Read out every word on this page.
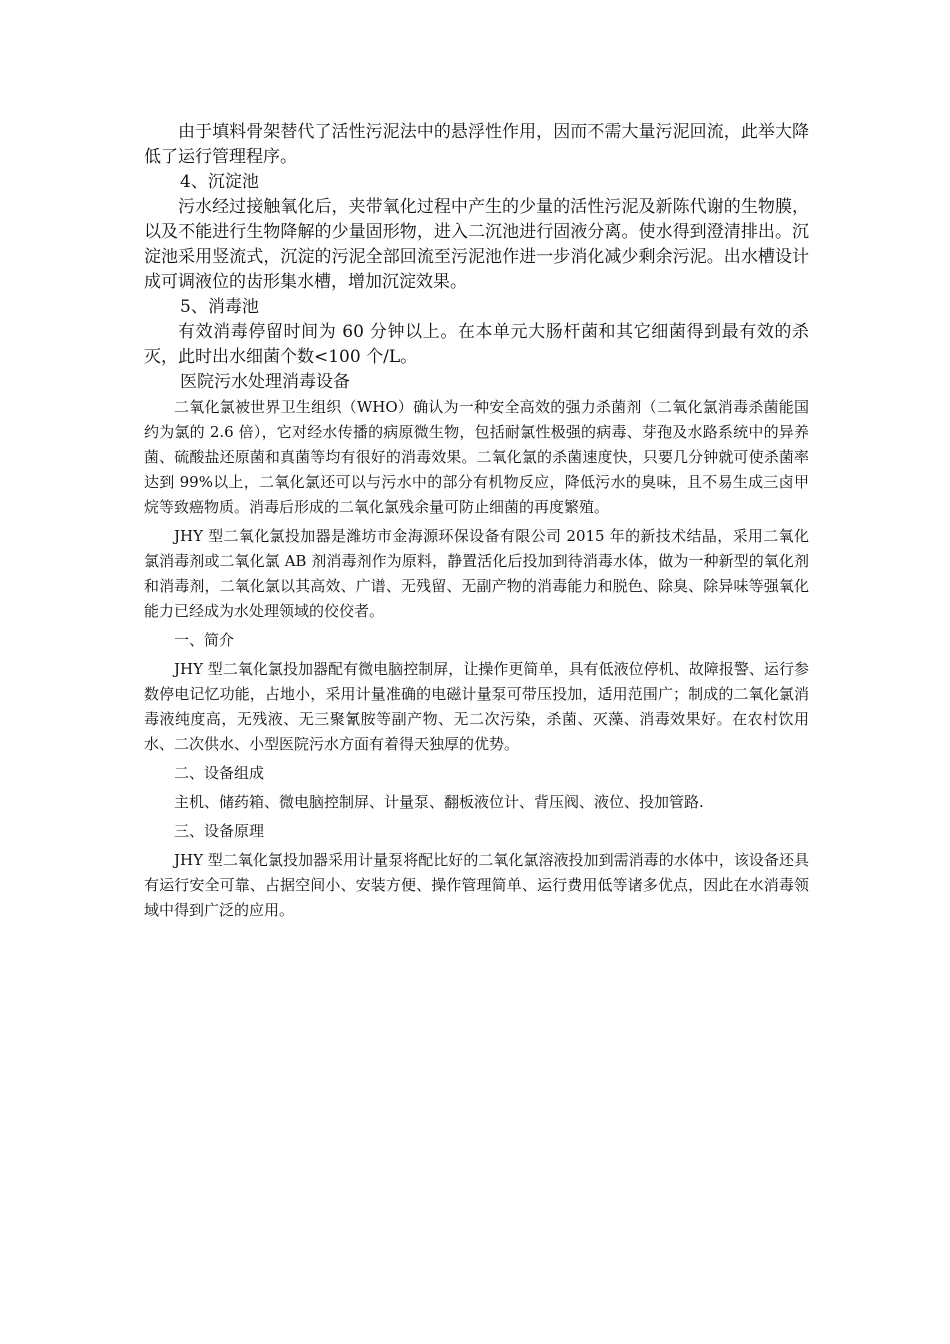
由于填料骨架替代了活性污泥法中的悬浮性作用，因而不需大量污泥回流，此举大降低了运行管理程序。

4、沉淀池

污水经过接触氧化后，夹带氧化过程中产生的少量的活性污泥及新陈代谢的生物膜，以及不能进行生物降解的少量固形物，进入二沉池进行固液分离。使水得到澄清排出。沉淀池采用竖流式，沉淀的污泥全部回流至污泥池作进一步消化减少剩余污泥。出水槽设计成可调液位的齿形集水槽，增加沉淀效果。

5、消毒池

有效消毒停留时间为 60 分钟以上。在本单元大肠杆菌和其它细菌得到最有效的杀灭，此时出水细菌个数<100 个/L。

医院污水处理消毒设备

二氧化氯被世界卫生组织（WHO）确认为一种安全高效的强力杀菌剂（二氧化氯消毒杀菌能国约为氯的 2.6 倍），它对经水传播的病原微生物，包括耐氯性极强的病毒、芽孢及水路系统中的异养菌、硫酸盐还原菌和真菌等均有很好的消毒效果。二氧化氯的杀菌速度快，只要几分钟就可使杀菌率达到 99%以上，二氧化氯还可以与污水中的部分有机物反应，降低污水的臭味，且不易生成三卤甲烷等致癌物质。消毒后形成的二氧化氯残余量可防止细菌的再度繁殖。

JHY 型二氧化氯投加器是潍坊市金海源环保设备有限公司 2015 年的新技术结晶，采用二氧化氯消毒剂或二氧化氯 AB 剂消毒剂作为原料，静置活化后投加到待消毒水体，做为一种新型的氧化剂和消毒剂，二氧化氯以其高效、广谱、无残留、无副产物的消毒能力和脱色、除臭、除异味等强氧化能力已经成为水处理领域的佼佼者。

一、简介

JHY 型二氧化氯投加器配有微电脑控制屏，让操作更简单，具有低液位停机、故障报警、运行参数停电记忆功能，占地小，采用计量准确的电磁计量泵可带压投加，适用范围广；制成的二氧化氯消毒液纯度高，无残液、无三聚氰胺等副产物、无二次污染，杀菌、灭藻、消毒效果好。在农村饮用水、二次供水、小型医院污水方面有着得天独厚的优势。

二、设备组成

主机、储药箱、微电脑控制屏、计量泵、翻板液位计、背压阀、液位、投加管路.

三、设备原理

JHY 型二氧化氯投加器采用计量泵将配比好的二氧化氯溶液投加到需消毒的水体中，该设备还具有运行安全可靠、占据空间小、安装方便、操作管理简单、运行费用低等诸多优点，因此在水消毒领域中得到广泛的应用。
